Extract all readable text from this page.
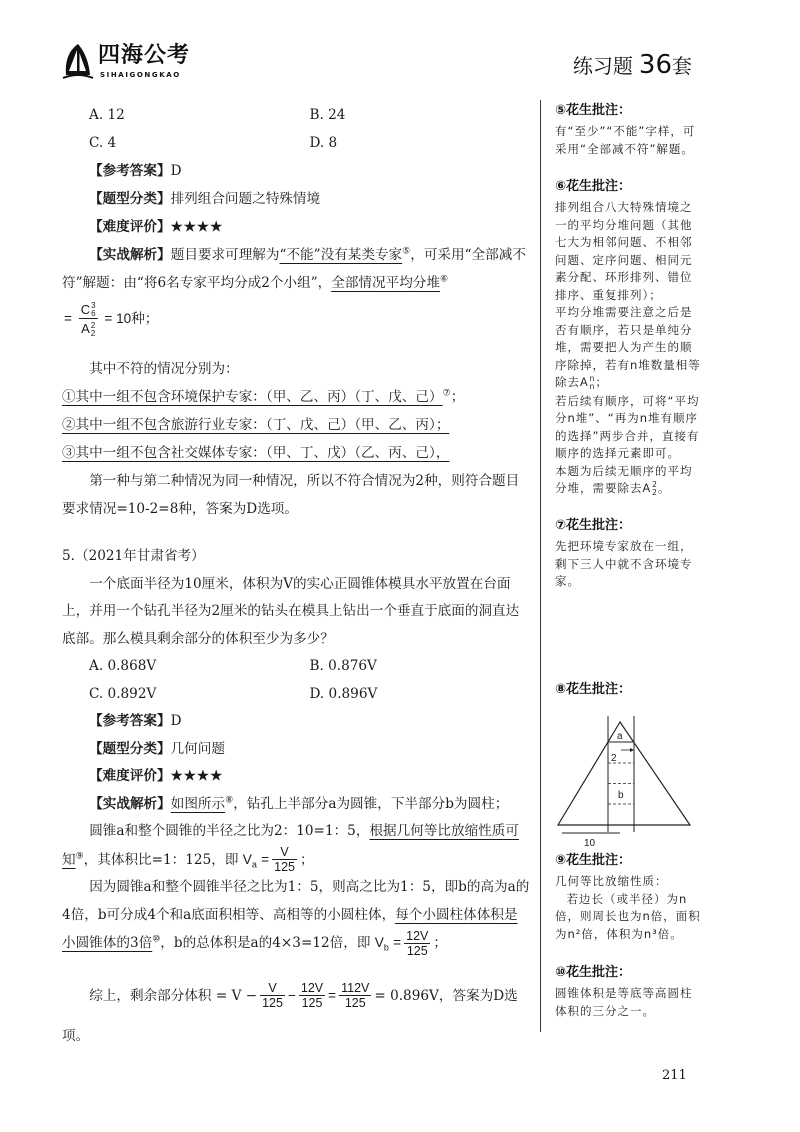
四海公考
SIHAIGONGKAO	练习题 36套
A. 12	B. 24
C. 4	D. 8
【参考答案】D
【题型分类】排列组合问题之特殊情境
【难度评价】★★★★

【实战解析】题目要求可理解为“不能”没有某类专家⑤，可采用“全部减不符”解题：由“将6名专家平均分成2个小组”，全部情况平均分堆⑥

= C 3
6
A 2
2 = 10种；

其中不符的情况分别为：

①其中一组不包含环境保护专家：（甲、乙、丙）（丁、戊、己）⑦；
②其中一组不包含旅游行业专家：（丁、戊、己）（甲、乙、丙）；
③其中一组不包含社交媒体专家：（甲、丁、戊）（乙、丙、己），

第一种与第二种情况为同一种情况，所以不符合情况为2种，则符合题目要求情况=10-2=8种，答案为D选项。

5.（2021年甘肃省考）

一个底面半径为10厘米，体积为V的实心正圆锥体模具水平放置在台面上，并用一个钻孔半径为2厘米的钻头在模具上钻出一个垂直于底面的洞直达底部。那么模具剩余部分的体积至少为多少？

A. 0.868V	B. 0.876V
C. 0.892V	D. 0.896V
【参考答案】D
【题型分类】几何问题
【难度评价】★★★★

【实战解析】如图所示⑧，钻孔上半部分a为圆锥，下半部分b为圆柱；

圆锥a和整个圆锥的半径之比为2：10=1：5，根据几何等比放缩性质可知⑨，其体积比=1：125，即 $V_a = \frac{V}{125}$ ；

因为圆锥a和整个圆锥半径之比为1：5，则高之比为1：5，即b的高为a的4倍，b可分成4个和a底面积相等、高相等的小圆柱体，每个小圆柱体体积是小圆锥体的3倍⑩，b的总体积是a的4×3=12倍，即 $V_b = \frac{12V}{125}$ ；

综上，剩余部分体积 = $V - \frac{V}{125} - \frac{12V}{125} = \frac{112V}{125} = 0.896V$，答案为D选项。

⑤花生批注：

有“至少”“不能”字样，可采用“全部减不符”解题。

⑥花生批注：

排列组合八大特殊情境之一的平均分堆问题（其他七大为相邻问题、不相邻问题、定序问题、相同元素分配、环形排列、错位排序、重复排列）；

平均分堆需要注意之后是否有顺序，若只是单纯分堆，需要把人为产生的顺序除掉，若有n堆数量相等除去A n
n ；

若后续有顺序，可将“平均分n堆”、“再为n堆有顺序的选择”两步合并，直接有顺序的选择元素即可。

本题为后续无顺序的平均分堆，需要除去A 2
2 。

⑦花生批注：

先把环境专家放在一组，剩下三人中就不含环境专家。

⑧花生批注：
a
2
b
10
⑨花生批注：

几何等比放缩性质：

若边长（或半径）为n倍，则周长也为n倍，面积为n²倍，体积为n³倍。

⑩花生批注：

圆锥体积是等底等高圆柱体积的三分之一。

211
